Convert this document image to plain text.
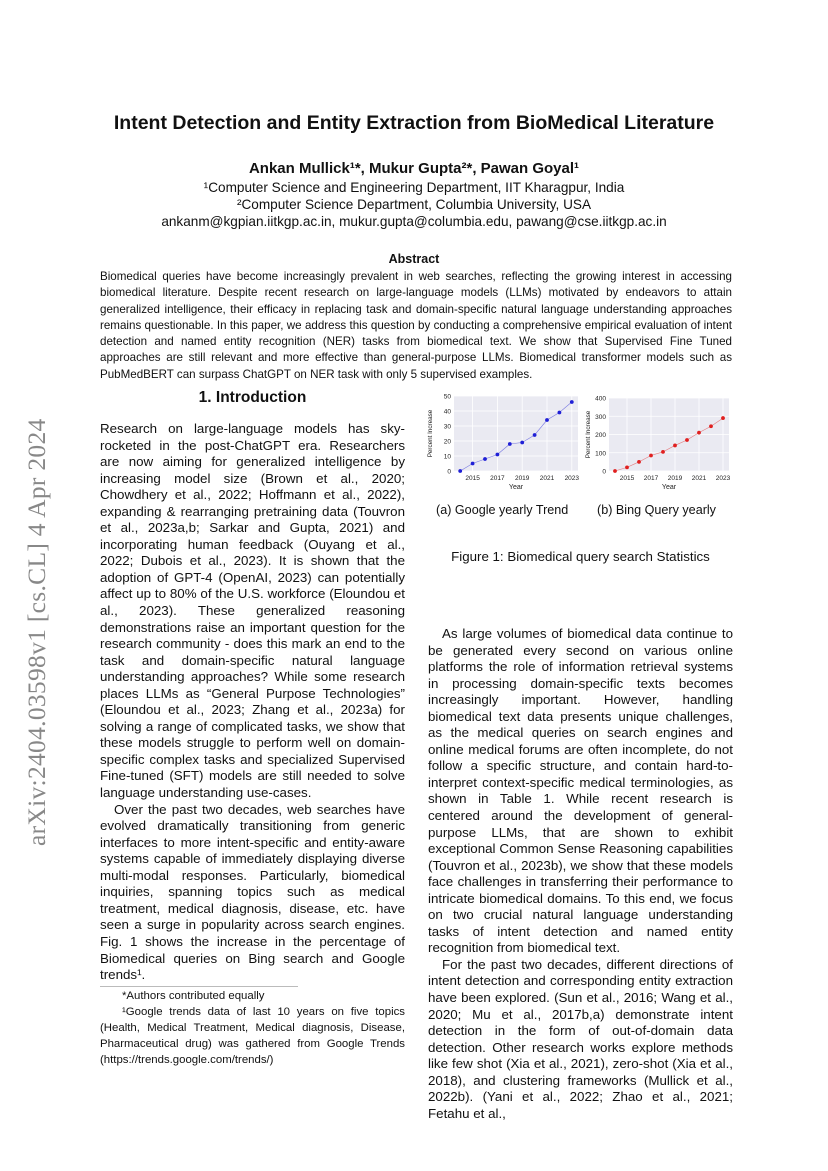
arXiv:2404.03598v1 [cs.CL] 4 Apr 2024
Intent Detection and Entity Extraction from BioMedical Literature
Ankan Mullick¹*, Mukur Gupta²*, Pawan Goyal¹
¹Computer Science and Engineering Department, IIT Kharagpur, India
²Computer Science Department, Columbia University, USA
ankanm@kgpian.iitkgp.ac.in, mukur.gupta@columbia.edu, pawang@cse.iitkgp.ac.in
Abstract
Biomedical queries have become increasingly prevalent in web searches, reflecting the growing interest in accessing biomedical literature. Despite recent research on large-language models (LLMs) motivated by endeavors to attain generalized intelligence, their efficacy in replacing task and domain-specific natural language understanding approaches remains questionable. In this paper, we address this question by conducting a comprehensive empirical evaluation of intent detection and named entity recognition (NER) tasks from biomedical text. We show that Supervised Fine Tuned approaches are still relevant and more effective than general-purpose LLMs. Biomedical transformer models such as PubMedBERT can surpass ChatGPT on NER task with only 5 supervised examples.
1. Introduction

Research on large-language models has sky-rocketed in the post-ChatGPT era. Researchers are now aiming for generalized intelligence by increasing model size (Brown et al., 2020; Chowdhery et al., 2022; Hoffmann et al., 2022), expanding & rearranging pretraining data (Touvron et al., 2023a,b; Sarkar and Gupta, 2021) and incorporating human feedback (Ouyang et al., 2022; Dubois et al., 2023). It is shown that the adoption of GPT-4 (OpenAI, 2023) can potentially affect up to 80% of the U.S. workforce (Eloundou et al., 2023). These generalized reasoning demonstrations raise an important question for the research community - does this mark an end to the task and domain-specific natural language understanding approaches? While some research places LLMs as “General Purpose Technologies” (Eloundou et al., 2023; Zhang et al., 2023a) for solving a range of complicated tasks, we show that these models struggle to perform well on domain-specific complex tasks and specialized Supervised Fine-tuned (SFT) models are still needed to solve language understanding use-cases.

Over the past two decades, web searches have evolved dramatically transitioning from generic interfaces to more intent-specific and entity-aware systems capable of immediately displaying diverse multi-modal responses. Particularly, biomedical inquiries, spanning topics such as medical treatment, medical diagnosis, disease, etc. have seen a surge in popularity across search engines. Fig. 1 shows the increase in the percentage of Biomedical queries on Bing search and Google trends¹.

*Authors contributed equally

¹Google trends data of last 10 years on five topics (Health, Medical Treatment, Medical diagnosis, Disease, Pharmaceutical drug) was gathered from Google Trends (https://trends.google.com/trends/)

0
10
20
30
40
50
2015 2017 2019 2021 2023
Year
Percent Increase
0
100
200
300
400
2015 2017 2019 2021 2023
Year
Percent Increase
(a) Google yearly Trend (b) Bing Query yearly
Figure 1: Biomedical query search Statistics

As large volumes of biomedical data continue to be generated every second on various online platforms the role of information retrieval systems in processing domain-specific texts becomes increasingly important. However, handling biomedical text data presents unique challenges, as the medical queries on search engines and online medical forums are often incomplete, do not follow a specific structure, and contain hard-to-interpret context-specific medical terminologies, as shown in Table 1. While recent research is centered around the development of general-purpose LLMs, that are shown to exhibit exceptional Common Sense Reasoning capabilities (Touvron et al., 2023b), we show that these models face challenges in transferring their performance to intricate biomedical domains. To this end, we focus on two crucial natural language understanding tasks of intent detection and named entity recognition from biomedical text.

For the past two decades, different directions of intent detection and corresponding entity extraction have been explored. (Sun et al., 2016; Wang et al., 2020; Mu et al., 2017b,a) demonstrate intent detection in the form of out-of-domain data detection. Other research works explore methods like few shot (Xia et al., 2021), zero-shot (Xia et al., 2018), and clustering frameworks (Mullick et al., 2022b). (Yani et al., 2022; Zhao et al., 2021; Fetahu et al.,
